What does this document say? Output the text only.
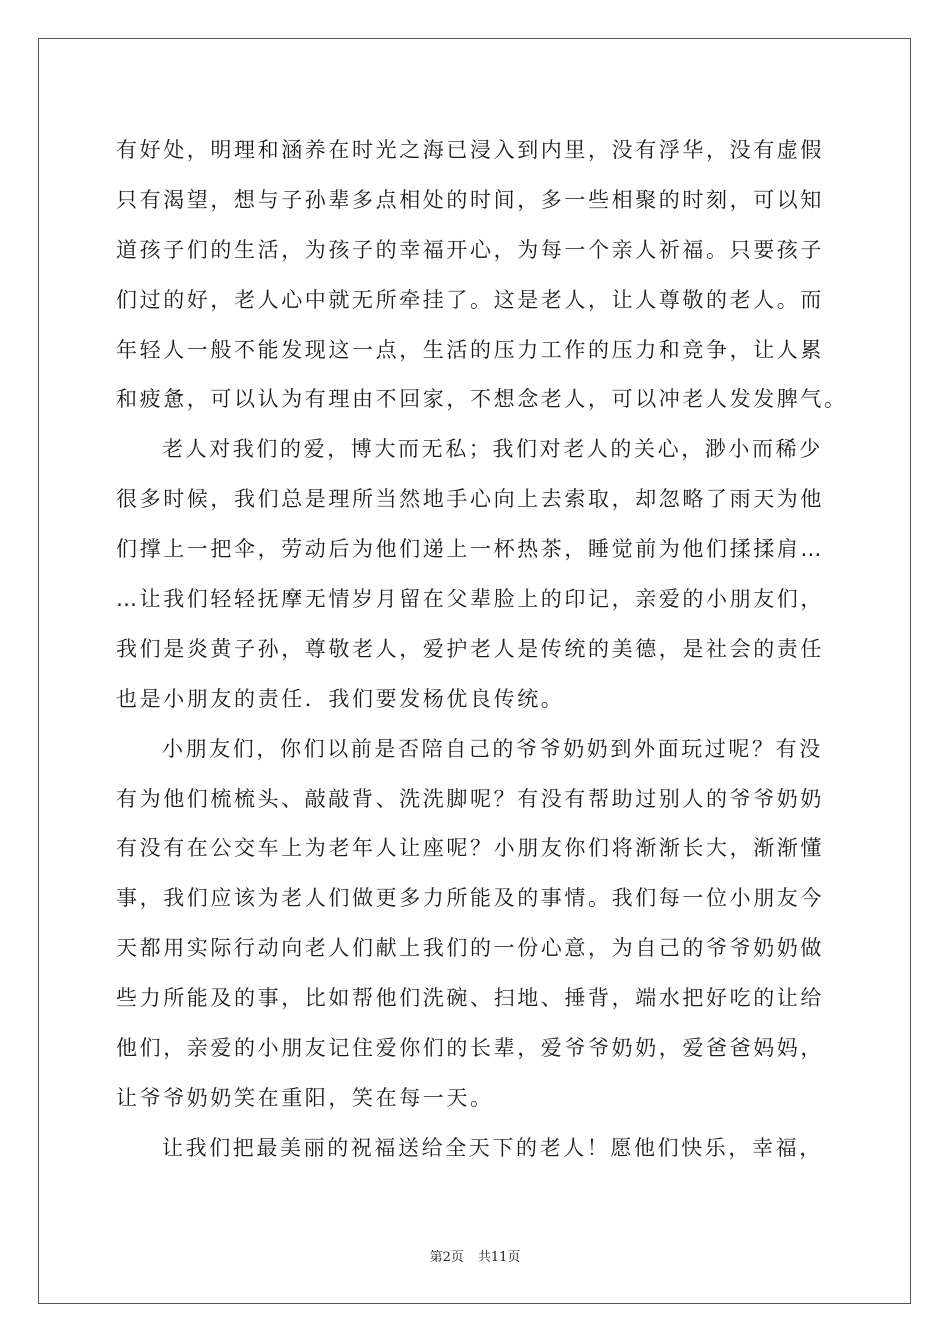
有好处，明理和涵养在时光之海已浸入到内里，没有浮华，没有虚假
只有渴望，想与子孙辈多点相处的时间，多一些相聚的时刻，可以知
道孩子们的生活，为孩子的幸福开心，为每一个亲人祈福。只要孩子
们过的好，老人心中就无所牵挂了。这是老人，让人尊敬的老人。而
年轻人一般不能发现这一点，生活的压力工作的压力和竞争，让人累
和疲惫，可以认为有理由不回家，不想念老人，可以冲老人发发脾气。
老人对我们的爱，博大而无私；我们对老人的关心，渺小而稀少
很多时候，我们总是理所当然地手心向上去索取，却忽略了雨天为他
们撑上一把伞，劳动后为他们递上一杯热茶，睡觉前为他们揉揉肩…
…让我们轻轻抚摩无情岁月留在父辈脸上的印记，亲爱的小朋友们，
我们是炎黄子孙，尊敬老人，爱护老人是传统的美德，是社会的责任
也是小朋友的责任．我们要发杨优良传统。
小朋友们，你们以前是否陪自己的爷爷奶奶到外面玩过呢？有没
有为他们梳梳头、敲敲背、洗洗脚呢？有没有帮助过别人的爷爷奶奶
有没有在公交车上为老年人让座呢？小朋友你们将渐渐长大，渐渐懂
事，我们应该为老人们做更多力所能及的事情。我们每一位小朋友今
天都用实际行动向老人们献上我们的一份心意，为自己的爷爷奶奶做
些力所能及的事，比如帮他们洗碗、扫地、捶背，端水把好吃的让给
他们，亲爱的小朋友记住爱你们的长辈，爱爷爷奶奶，爱爸爸妈妈，
让爷爷奶奶笑在重阳，笑在每一天。
让我们把最美丽的祝福送给全天下的老人！愿他们快乐，幸福，
第2页 共11页
